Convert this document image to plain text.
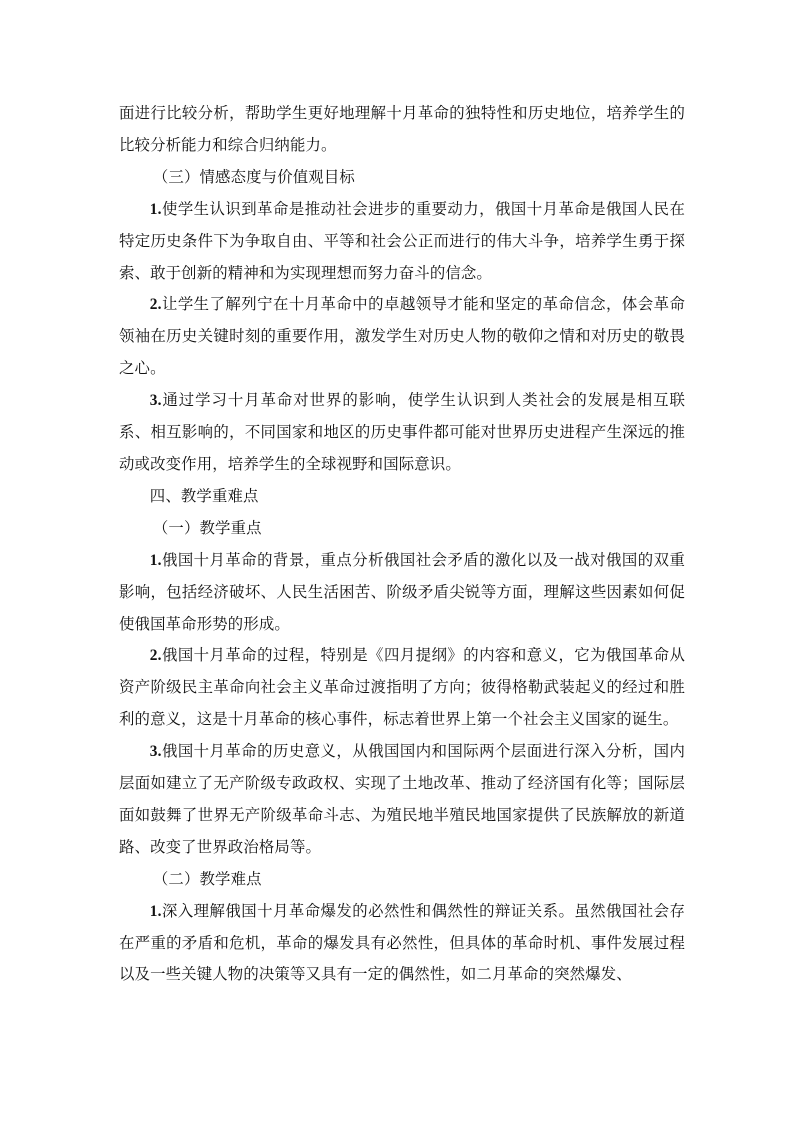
面进行比较分析，帮助学生更好地理解十月革命的独特性和历史地位，培养学生的比较分析能力和综合归纳能力。

（三）情感态度与价值观目标

1.使学生认识到革命是推动社会进步的重要动力，俄国十月革命是俄国人民在特定历史条件下为争取自由、平等和社会公正而进行的伟大斗争，培养学生勇于探索、敢于创新的精神和为实现理想而努力奋斗的信念。

2.让学生了解列宁在十月革命中的卓越领导才能和坚定的革命信念，体会革命领袖在历史关键时刻的重要作用，激发学生对历史人物的敬仰之情和对历史的敬畏之心。

3.通过学习十月革命对世界的影响，使学生认识到人类社会的发展是相互联系、相互影响的，不同国家和地区的历史事件都可能对世界历史进程产生深远的推动或改变作用，培养学生的全球视野和国际意识。

四、教学重难点

（一）教学重点

1.俄国十月革命的背景，重点分析俄国社会矛盾的激化以及一战对俄国的双重影响，包括经济破坏、人民生活困苦、阶级矛盾尖锐等方面，理解这些因素如何促使俄国革命形势的形成。

2.俄国十月革命的过程，特别是《四月提纲》的内容和意义，它为俄国革命从资产阶级民主革命向社会主义革命过渡指明了方向；彼得格勒武装起义的经过和胜利的意义，这是十月革命的核心事件，标志着世界上第一个社会主义国家的诞生。

3.俄国十月革命的历史意义，从俄国国内和国际两个层面进行深入分析，国内层面如建立了无产阶级专政政权、实现了土地改革、推动了经济国有化等；国际层面如鼓舞了世界无产阶级革命斗志、为殖民地半殖民地国家提供了民族解放的新道路、改变了世界政治格局等。

（二）教学难点

1.深入理解俄国十月革命爆发的必然性和偶然性的辩证关系。虽然俄国社会存在严重的矛盾和危机，革命的爆发具有必然性，但具体的革命时机、事件发展过程以及一些关键人物的决策等又具有一定的偶然性，如二月革命的突然爆发、
